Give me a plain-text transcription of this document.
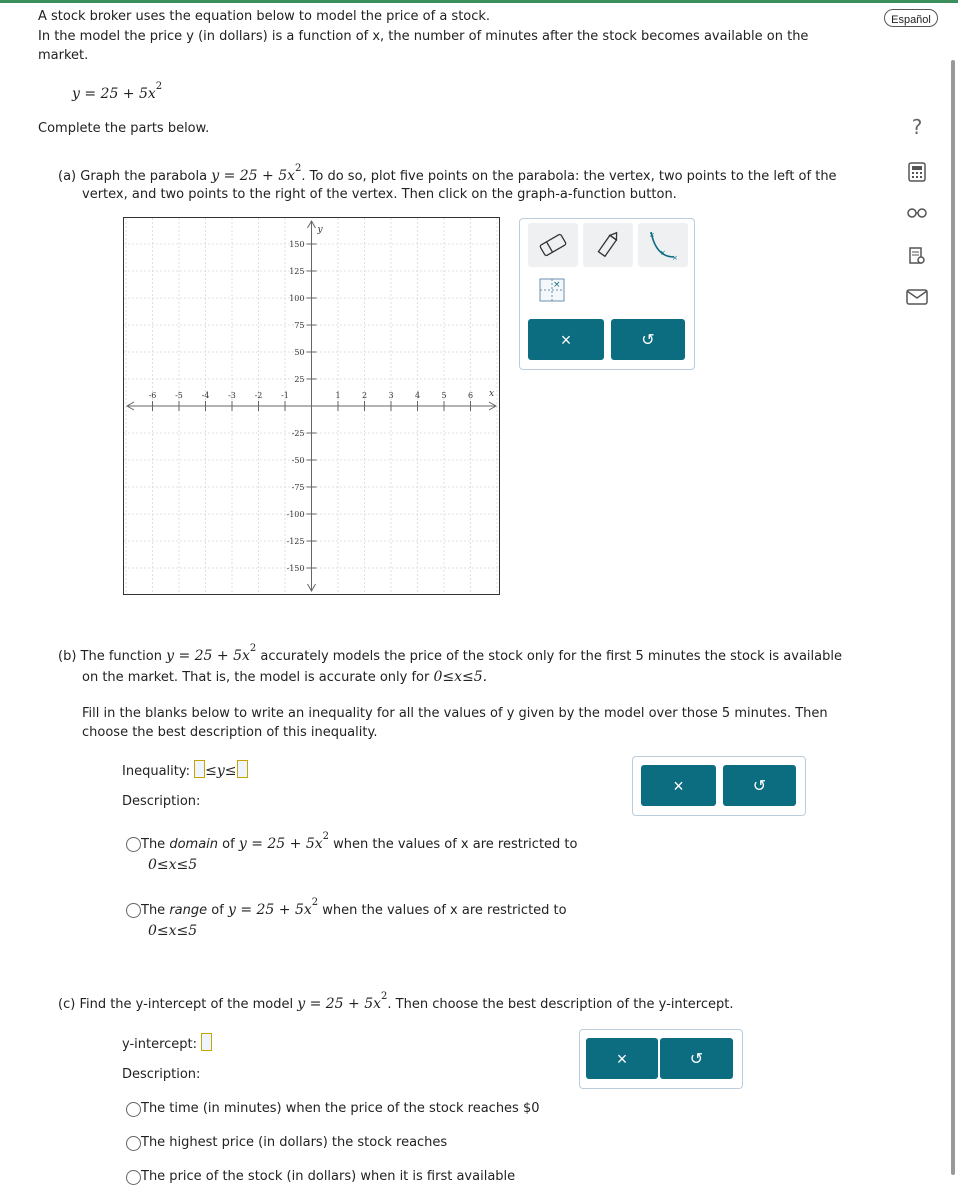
Español
A stock broker uses the equation below to model the price of a stock.
In the model the price y (in dollars) is a function of x, the number of minutes after the stock becomes available on the
market.
$y = 25 + 5x^2$
Complete the parts below.	?
(a) Graph the parabola $y = 25 + 5x^2$. To do so, plot five points on the parabola: the vertex, two points to the left of the
vertex, and two points to the right of the vertex. Then click on the graph-a-function button.
x
y
-6 -5 -4 -3 -2 -1	1	2	3	4	5	6
150
125
100
75
50
25
-25
-50
-75
-100
-125
-150
×
×
×
×
×	↺
(b) The function $y = 25 + 5x^2$ accurately models the price of the stock only for the first 5 minutes the stock is available
on the market. That is, the model is accurate only for 0≤x≤5.
Fill in the blanks below to write an inequality for all the values of y given by the model over those 5 minutes. Then
choose the best description of this inequality.
Inequality: ≤y≤
Description:
×	↺
The domain of $y = 25 + 5x^2$ when the values of x are restricted to
0≤x≤5
The range of $y = 25 + 5x^2$ when the values of x are restricted to
0≤x≤5
(c) Find the y-intercept of the model $y = 25 + 5x^2$. Then choose the best description of the y-intercept.
y-intercept:
Description:
×	↺
The time (in minutes) when the price of the stock reaches $0
The highest price (in dollars) the stock reaches
The price of the stock (in dollars) when it is first available
